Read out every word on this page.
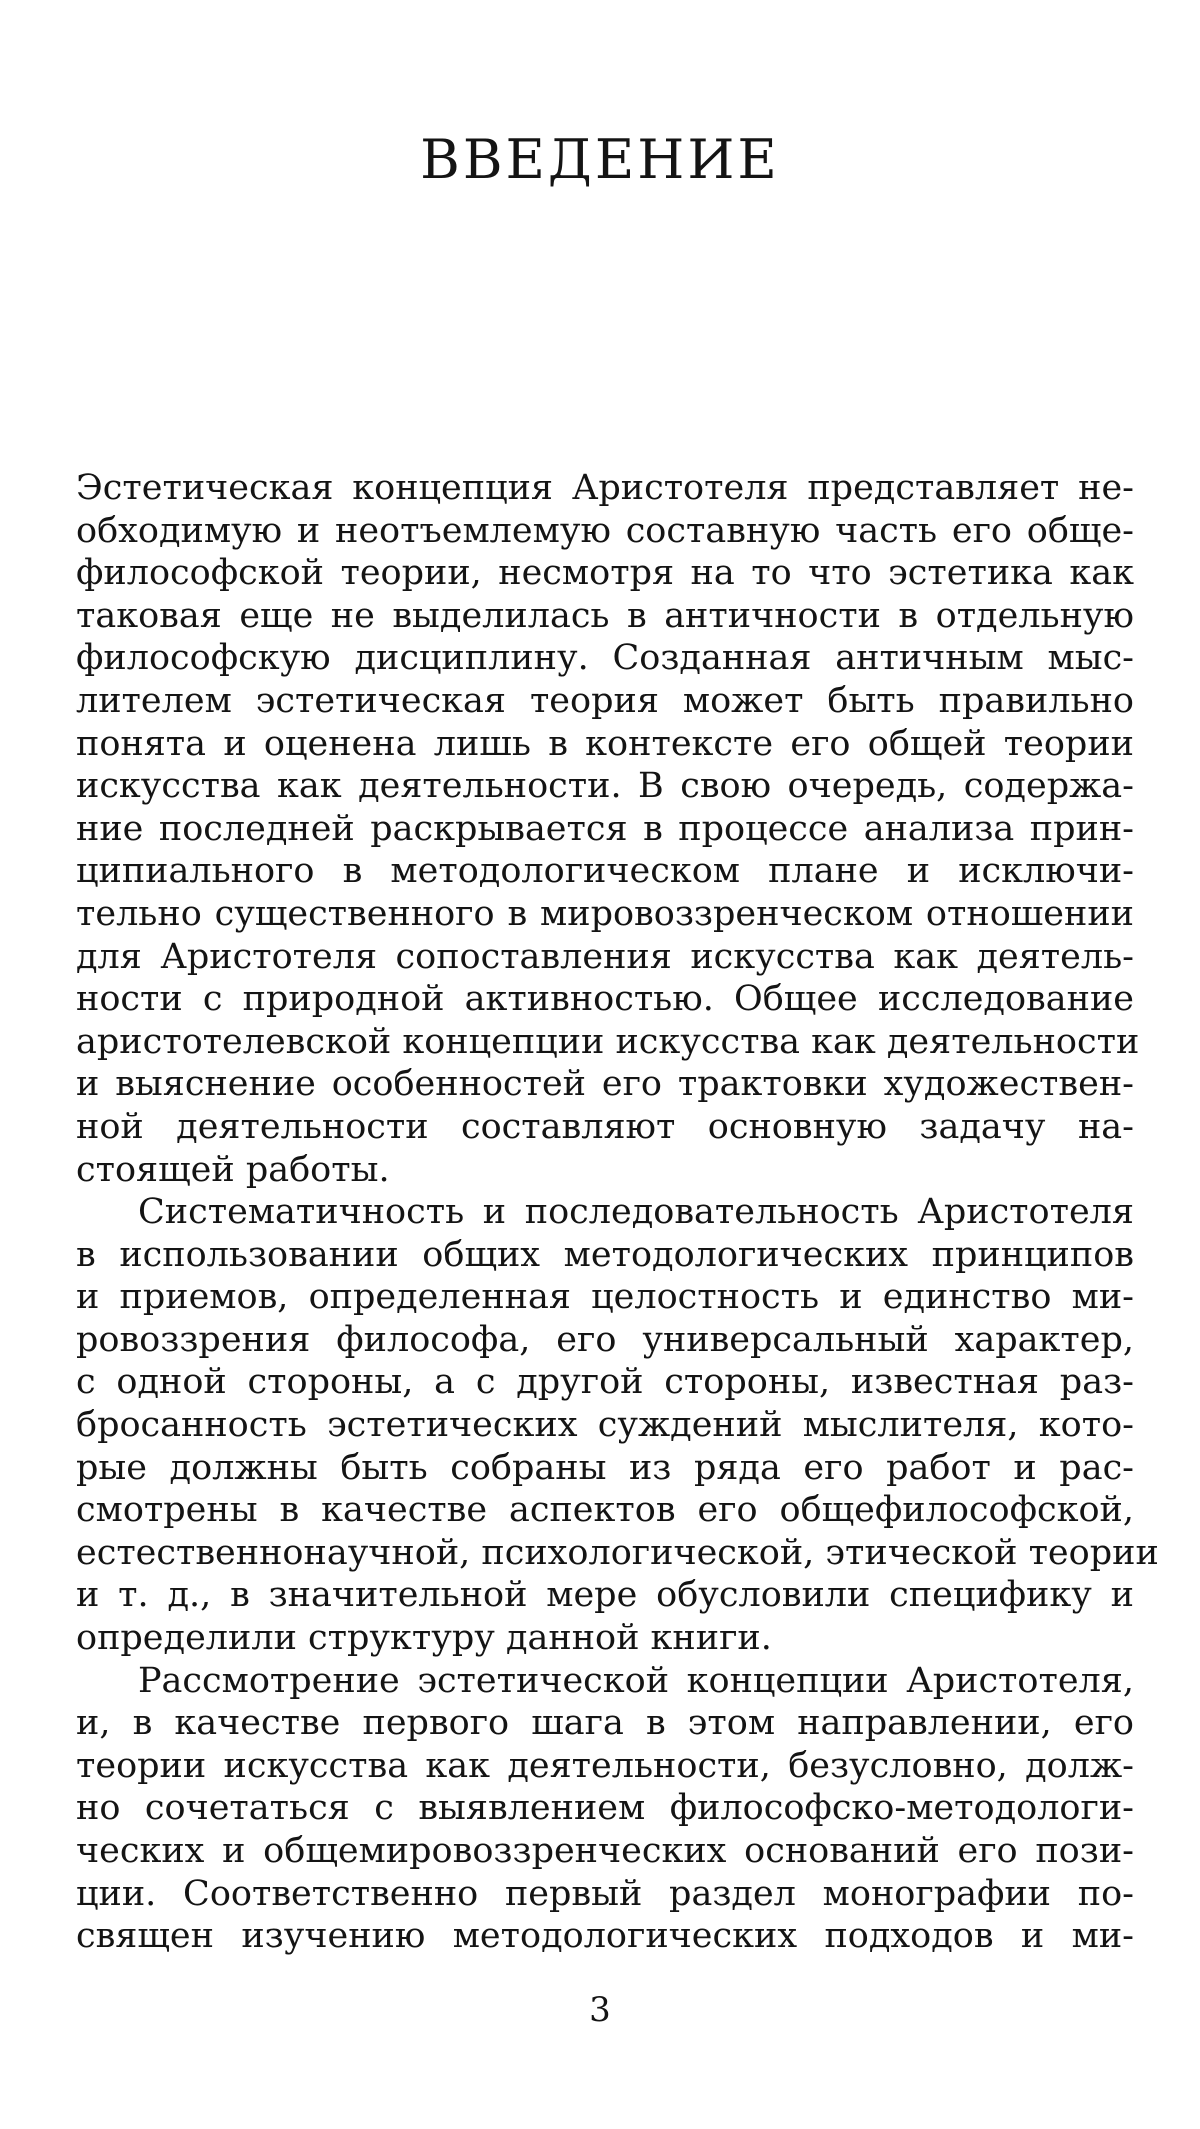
ВВЕДЕНИЕ
Эстетическая концепция Аристотеля представляет не-
обходимую и неотъемлемую составную часть его обще-
философской теории, несмотря на то что эстетика как
таковая еще не выделилась в античности в отдельную
философскую дисциплину. Созданная античным мыс-
лителем эстетическая теория может быть правильно
понята и оценена лишь в контексте его общей теории
искусства как деятельности. В свою очередь, содержа-
ние последней раскрывается в процессе анализа прин-
ципиального в методологическом плане и исключи-
тельно существенного в мировоззренческом отношении
для Аристотеля сопоставления искусства как деятель-
ности с природной активностью. Общее исследование
аристотелевской концепции искусства как деятельности
и выяснение особенностей его трактовки художествен-
ной деятельности составляют основную задачу на-
стоящей работы.
Систематичность и последовательность Аристотеля
в использовании общих методологических принципов
и приемов, определенная целостность и единство ми-
ровоззрения философа, его универсальный характер,
с одной стороны, а с другой стороны, известная раз-
бросанность эстетических суждений мыслителя, кото-
рые должны быть собраны из ряда его работ и рас-
смотрены в качестве аспектов его общефилософской,
естественнонаучной, психологической, этической теории
и т. д., в значительной мере обусловили специфику и
определили структуру данной книги.
Рассмотрение эстетической концепции Аристотеля,
и, в качестве первого шага в этом направлении, его
теории искусства как деятельности, безусловно, долж-
но сочетаться с выявлением философско-методологи-
ческих и общемировоззренческих оснований его пози-
ции. Соответственно первый раздел монографии по-
священ изучению методологических подходов и ми-
3
